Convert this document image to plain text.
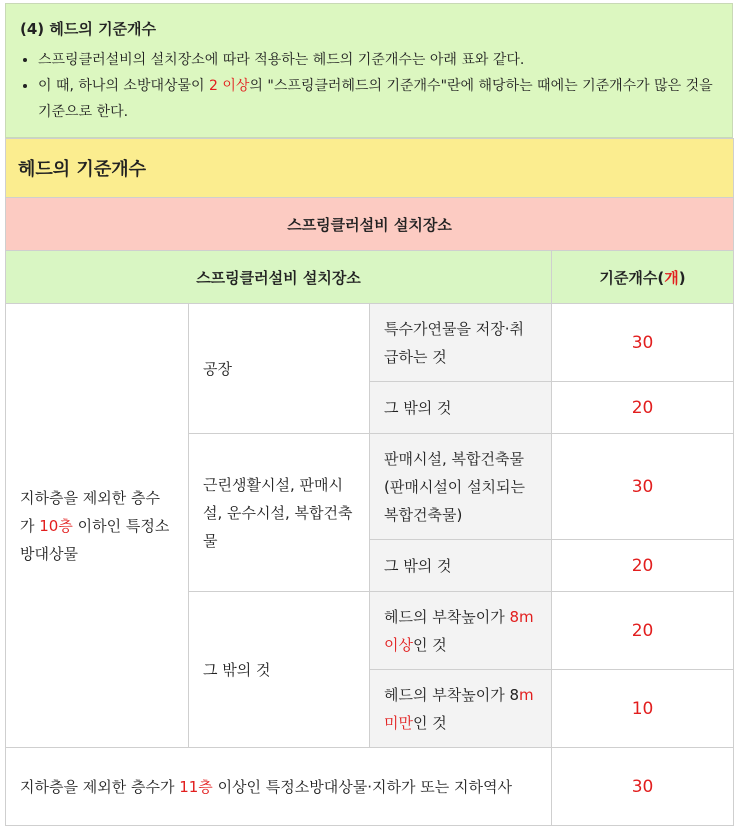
(4) 헤드의 기준개수
• 스프링클러설비의 설치장소에 따라 적용하는 헤드의 기준개수는 아래 표와 같다.
• 이 때, 하나의 소방대상물이 2 이상의 "스프링클러헤드의 기준개수"란에 해당하는 때에는 기준개수가 많은 것을 기준으로 한다.
헤드의 기준개수			
스프링클러설비 설치장소			
스프링클러설비 설치장소			기준개수(개)
지하층을 제외한 층수가 10층 이하인 특정소방대상물	공장	특수가연물을 저장·취급하는 것	30
		그 밖의 것	20
	근린생활시설, 판매시설, 운수시설, 복합건축물	판매시설, 복합건축물(판매시설이 설치되는 복합건축물)	30
		그 밖의 것	20
	그 밖의 것	헤드의 부착높이가 8m 이상인 것	20
		헤드의 부착높이가 8m 미만인 것	10

지하층을 제외한 층수가 11층 이상인 특정소방대상물·지하가 또는 지하역사			30
